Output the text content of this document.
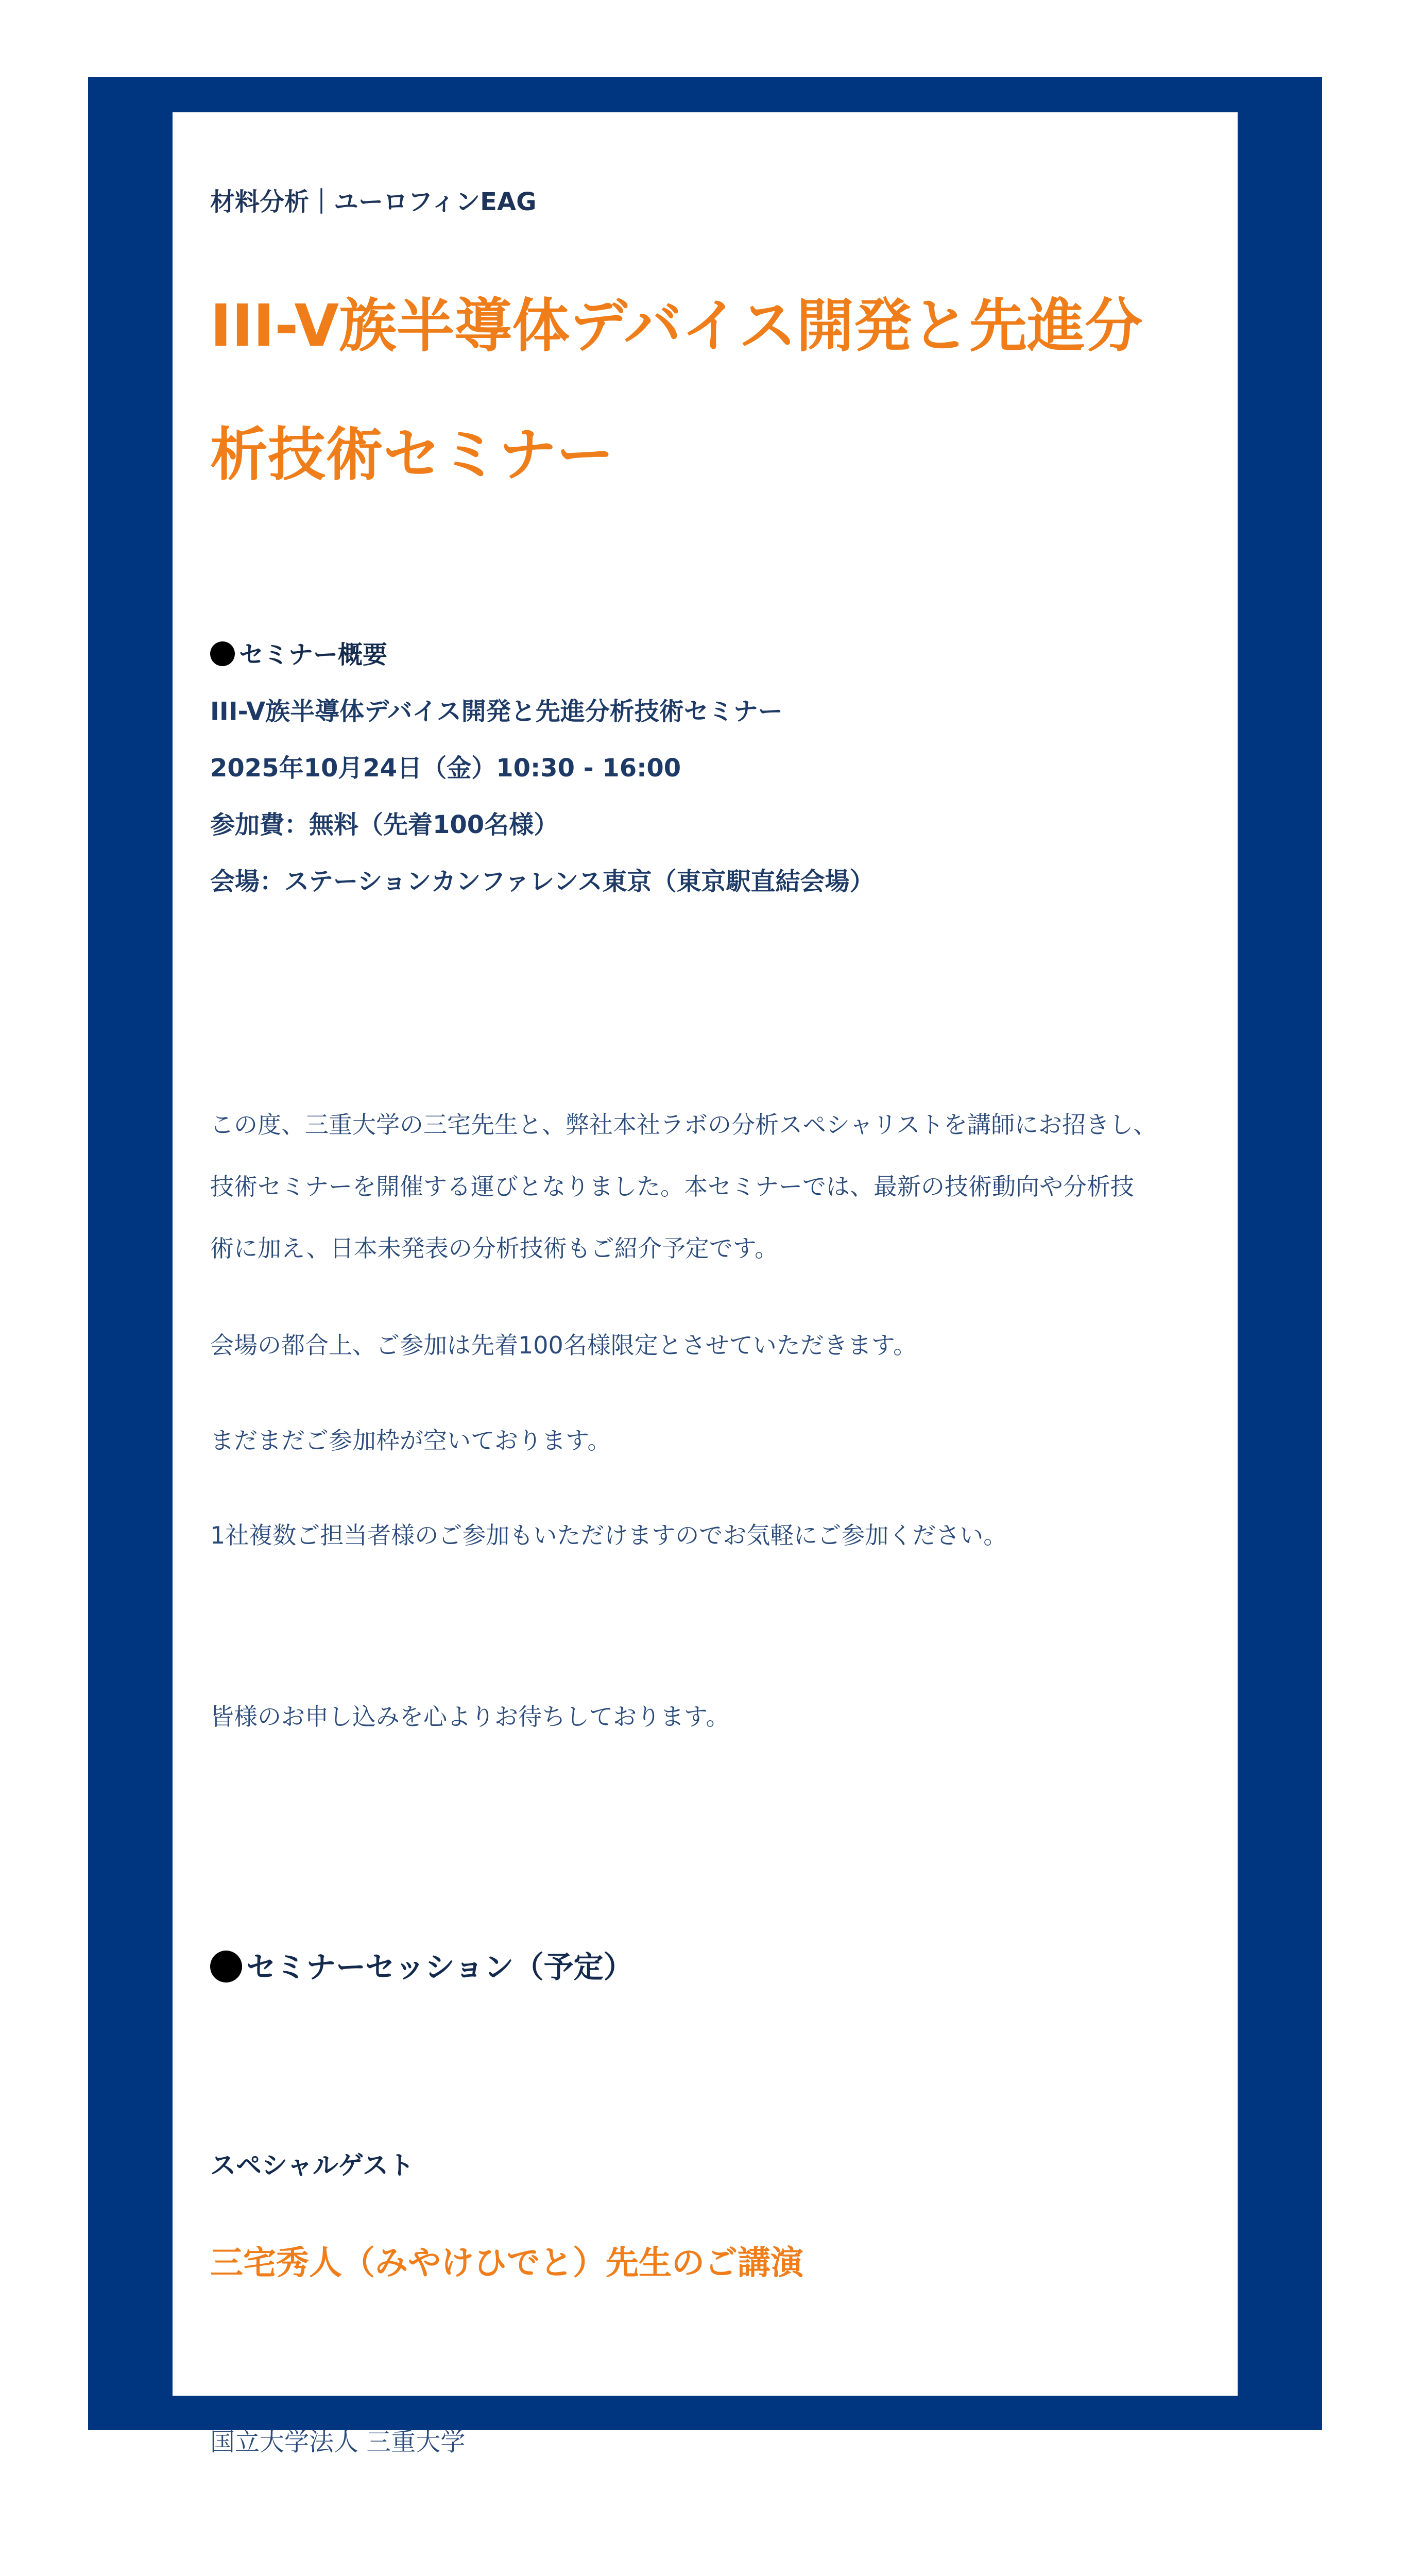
材料分析｜ユーロフィンEAG
III-V族半導体デバイス開発と先進分
析技術セミナー
セミナー概要
III-V族半導体デバイス開発と先進分析技術セミナー
2025年10月24日（金）10:30 - 16:00
参加費：無料（先着100名様）
会場：ステーションカンファレンス東京（東京駅直結会場）
この度、三重大学の三宅先生と、弊社本社ラボの分析スペシャリストを講師にお招きし、
技術セミナーを開催する運びとなりました。本セミナーでは、最新の技術動向や分析技
術に加え、日本未発表の分析技術もご紹介予定です。
会場の都合上、ご参加は先着100名様限定とさせていただきます。
まだまだご参加枠が空いております。
1社複数ご担当者様のご参加もいただけますのでお気軽にご参加ください。
皆様のお申し込みを心よりお待ちしております。
セミナーセッション（予定）
スペシャルゲスト
三宅秀人（みやけひでと）先生のご講演

国立大学法人 三重大学
